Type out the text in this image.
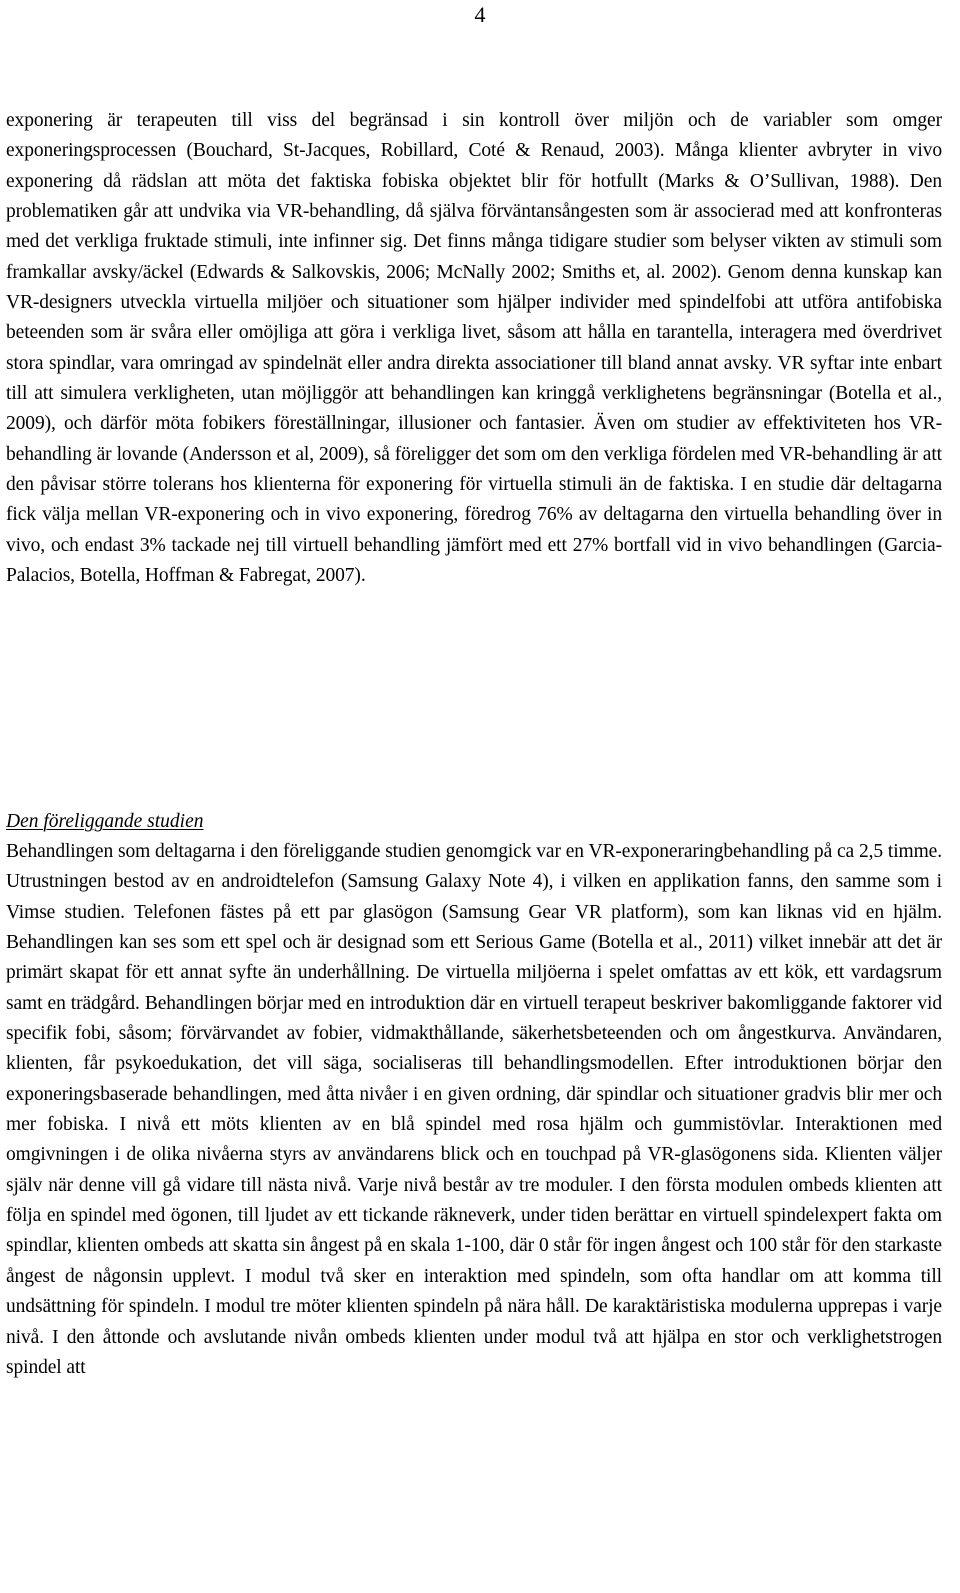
4

exponering är terapeuten till viss del begränsad i sin kontroll över miljön och de variabler som omger exponeringsprocessen (Bouchard, St-Jacques, Robillard, Coté & Renaud, 2003). Många klienter avbryter in vivo exponering då rädslan att möta det faktiska fobiska objektet blir för hotfullt (Marks & O’Sullivan, 1988). Den problematiken går att undvika via VR-behandling, då själva förväntansångesten som är associerad med att konfronteras med det verkliga fruktade stimuli, inte infinner sig. Det finns många tidigare studier som belyser vikten av stimuli som framkallar avsky/äckel (Edwards & Salkovskis, 2006; McNally 2002; Smiths et, al. 2002). Genom denna kunskap kan VR-designers utveckla virtuella miljöer och situationer som hjälper individer med spindelfobi att utföra antifobiska beteenden som är svåra eller omöjliga att göra i verkliga livet, såsom att hålla en tarantella, interagera med överdrivet stora spindlar, vara omringad av spindelnät eller andra direkta associationer till bland annat avsky. VR syftar inte enbart till att simulera verkligheten, utan möjliggör att behandlingen kan kringgå verklighetens begränsningar (Botella et al., 2009), och därför möta fobikers föreställningar, illusioner och fantasier. Även om studier av effektiviteten hos VR-behandling är lovande (Andersson et al, 2009), så föreligger det som om den verkliga fördelen med VR-behandling är att den påvisar större tolerans hos klienterna för exponering för virtuella stimuli än de faktiska. I en studie där deltagarna fick välja mellan VR-exponering och in vivo exponering, föredrog 76% av deltagarna den virtuella behandling över in vivo, och endast 3% tackade nej till virtuell behandling jämfört med ett 27% bortfall vid in vivo behandlingen (Garcia-Palacios, Botella, Hoffman & Fabregat, 2007).

Den föreliggande studien

Behandlingen som deltagarna i den föreliggande studien genomgick var en VR-exponeraringbehandling på ca 2,5 timme. Utrustningen bestod av en androidtelefon (Samsung Galaxy Note 4), i vilken en applikation fanns, den samme som i Vimse studien. Telefonen fästes på ett par glasögon (Samsung Gear VR platform), som kan liknas vid en hjälm. Behandlingen kan ses som ett spel och är designad som ett Serious Game (Botella et al., 2011) vilket innebär att det är primärt skapat för ett annat syfte än underhållning. De virtuella miljöerna i spelet omfattas av ett kök, ett vardagsrum samt en trädgård. Behandlingen börjar med en introduktion där en virtuell terapeut beskriver bakomliggande faktorer vid specifik fobi, såsom; förvärvandet av fobier, vidmakthållande, säkerhetsbeteenden och om ångestkurva. Användaren, klienten, får psykoedukation, det vill säga, socialiseras till behandlingsmodellen. Efter introduktionen börjar den exponeringsbaserade behandlingen, med åtta nivåer i en given ordning, där spindlar och situationer gradvis blir mer och mer fobiska. I nivå ett möts klienten av en blå spindel med rosa hjälm och gummistövlar. Interaktionen med omgivningen i de olika nivåerna styrs av användarens blick och en touchpad på VR-glasögonens sida. Klienten väljer själv när denne vill gå vidare till nästa nivå. Varje nivå består av tre moduler. I den första modulen ombeds klienten att följa en spindel med ögonen, till ljudet av ett tickande räkneverk, under tiden berättar en virtuell spindelexpert fakta om spindlar, klienten ombeds att skatta sin ångest på en skala 1-100, där 0 står för ingen ångest och 100 står för den starkaste ångest de någonsin upplevt. I modul två sker en interaktion med spindeln, som ofta handlar om att komma till undsättning för spindeln. I modul tre möter klienten spindeln på nära håll. De karaktäristiska modulerna upprepas i varje nivå. I den åttonde och avslutande nivån ombeds klienten under modul två att hjälpa en stor och verklighetstrogen spindel att
